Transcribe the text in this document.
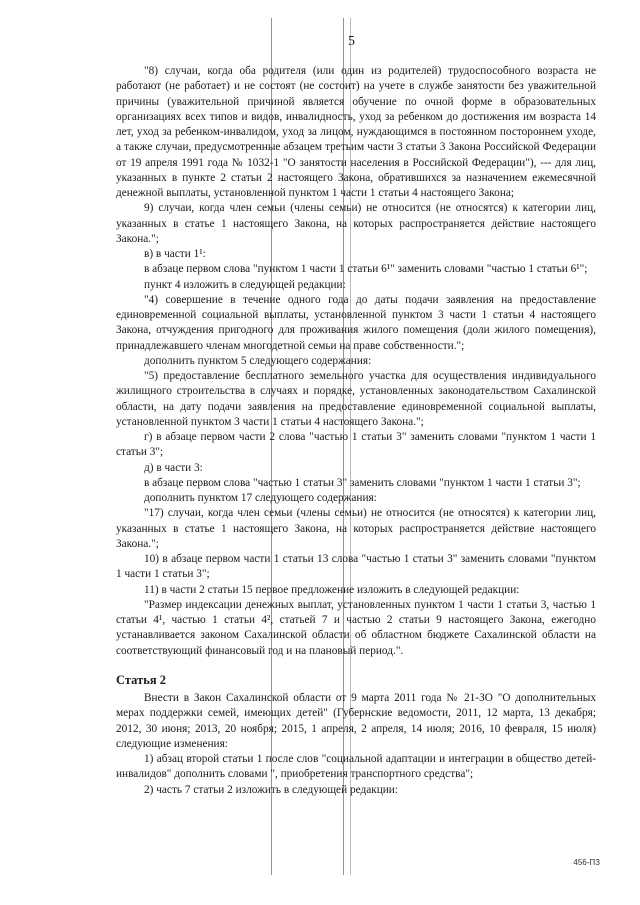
5

"8) случаи, когда оба родителя (или один из родителей) трудоспособного возраста не работают (не работает) и не состоят (не состоит) на учете в службе занятости без уважительной причины (уважительной причиной является обучение по очной форме в образовательных организациях всех типов и видов, инвалидность, уход за ребенком до достижения им возраста 14 лет, уход за ребенком-инвалидом, уход за лицом, нуждающимся в постоянном постороннем уходе, а также случаи, предусмотренные абзацем третьим части 3 статьи 3 Закона Российской Федерации от 19 апреля 1991 года № 1032-1 "О занятости населения в Российской Федерации"), --- для лиц, указанных в пункте 2 статьи 2 настоящего Закона, обратившихся за назначением ежемесячной денежной выплаты, установленной пунктом 1 части 1 статьи 4 настоящего Закона;

9) случаи, когда член семьи (члены семьи) не относится (не относятся) к категории лиц, указанных в статье 1 настоящего Закона, на которых распространяется действие настоящего Закона.";

в) в части 1¹:

в абзаце первом слова "пунктом 1 части 1 статьи 6¹" заменить словами "частью 1 статьи 6¹";

пункт 4 изложить в следующей редакции:

"4) совершение в течение одного года до даты подачи заявления на предоставление единовременной социальной выплаты, установленной пунктом 3 части 1 статьи 4 настоящего Закона, отчуждения пригодного для проживания жилого помещения (доли жилого помещения), принадлежавшего членам многодетной семьи на праве собственности.";

дополнить пунктом 5 следующего содержания:

"5) предоставление бесплатного земельного участка для осуществления индивидуального жилищного строительства в случаях и порядке, установленных законодательством Сахалинской области, на дату подачи заявления на предоставление единовременной социальной выплаты, установленной пунктом 3 части 1 статьи 4 настоящего Закона.";

г) в абзаце первом части 2 слова "частью 1 статьи 3" заменить словами "пунктом 1 части 1 статьи 3";

д) в части 3:

в абзаце первом слова "частью 1 статьи 3" заменить словами "пунктом 1 части 1 статьи 3";

дополнить пунктом 17 следующего содержания:

"17) случаи, когда член семьи (члены семьи) не относится (не относятся) к категории лиц, указанных в статье 1 настоящего Закона, на которых распространяется действие настоящего Закона.";

10) в абзаце первом части 1 статьи 13 слова "частью 1 статьи 3" заменить словами "пунктом 1 части 1 статьи 3";

11) в части 2 статьи 15 первое предложение изложить в следующей редакции:

"Размер индексации денежных выплат, установленных пунктом 1 части 1 статьи 3, частью 1 статьи 4¹, частью 1 статьи 4², статьей 7 и частью 2 статьи 9 настоящего Закона, ежегодно устанавливается законом Сахалинской области об областном бюджете Сахалинской области на соответствующий финансовый год и на плановый период.".

Статья 2

Внести в Закон Сахалинской области от 9 марта 2011 года № 21-ЗО "О дополнительных мерах поддержки семей, имеющих детей" (Губернские ведомости, 2011, 12 марта, 13 декабря; 2012, 30 июня; 2013, 20 ноября; 2015, 1 апреля, 2 апреля, 14 июля; 2016, 10 февраля, 15 июля) следующие изменения:

1) абзац второй статьи 1 после слов "социальной адаптации и интеграции в общество детей-инвалидов" дополнить словами ", приобретения транспортного средства";

2) часть 7 статьи 2 изложить в следующей редакции:

456-ПЗ
